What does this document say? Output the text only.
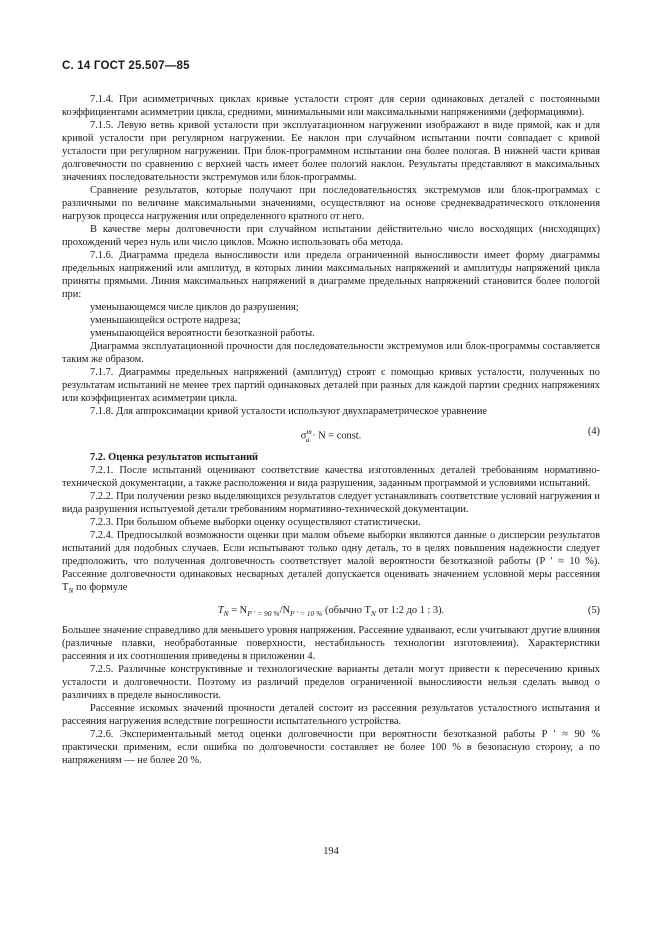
С. 14 ГОСТ 25.507—85

7.1.4. При асимметричных циклах кривые усталости строят для серии одинаковых деталей с постоянными коэффициентами асимметрии цикла, средними, минимальными или максимальными напряжениями (деформациями).

7.1.5. Левую ветвь кривой усталости при эксплуатационном нагружении изображают в виде прямой, как и для кривой усталости при регулярном нагружении. Ее наклон при случайном испытании почти совпадает с кривой усталости при регулярном нагружении. При блок-программном испытании она более пологая. В нижней части кривая долговечности по сравнению с верхней часть имеет более пологий наклон. Результаты представляют в максимальных значениях последовательности экстремумов или блок-программы.

Сравнение результатов, которые получают при последовательностях экстремумов или блок-программах с различными по величине максимальными значениями, осуществляют на основе среднеквадратического отклонения нагрузок процесса нагружения или определенного кратного от него.

В качестве меры долговечности при случайном испытании действительно число восходящих (нисходящих) прохождений через нуль или число циклов. Можно использовать оба метода.

7.1.6. Диаграмма предела выносливости или предела ограниченной выносливости имеет форму диаграммы предельных напряжений или амплитуд, в которых линии максимальных напряжений и амплитуды напряжений цикла приняты прямыми. Линия максимальных напряжений в диаграмме предельных напряжений становится более пологой при:

уменьшающемся числе циклов до разрушения;

уменьшающейся остроте надреза;

уменьшающейся вероятности безотказной работы.

Диаграмма эксплуатационной прочности для последовательности экстремумов или блок-программы составляется таким же образом.

7.1.7. Диаграммы предельных напряжений (амплитуд) строят с помощью кривых усталости, полученных по результатам испытаний не менее трех партий одинаковых деталей при разных для каждой партии средних напряжениях или коэффициентах асимметрии цикла.

7.1.8. Для аппроксимации кривой усталости используют двухпараметрическое уравнение

$\sigma^m_a \cdot N$ = const.	(4)

7.2. Оценка результатов испытаний

7.2.1. После испытаний оценивают соответствие качества изготовленных деталей требованиям нормативно-технической документации, а также расположения и вида разрушения, заданным программой и условиями испытаний.

7.2.2. При получении резко выделяющихся результатов следует устанавливать соответствие условий нагружения и вида разрушения испытуемой детали требованиям нормативно-технической документации.

7.2.3. При большом объеме выборки оценку осуществляют статистически.

7.2.4. Предпосылкой возможности оценки при малом объеме выборки являются данные о дисперсии результатов испытаний для подобных случаев. Если испытывают только одну деталь, то в целях повышения надежности следует предположить, что полученная долговечность соответствует малой вероятности безотказной работы (P ′ ≈ 10 %). Рассеяние долговечности одинаковых несварных деталей допускается оценивать значением условной меры рассеяния $T_N$ по формуле

$T_N = N_{P ' = 90 \%}/N_{P ' = 10 \%}$ (обычно $T_N$ от 1:2 до 1 : 3).	(5)

Большее значение справедливо для меньшего уровня напряжения. Рассеяние удваивают, если учитывают другие влияния (различные плавки, необработанные поверхности, нестабильность технологии изготовления). Характеристики рассеяния и их соотношения приведены в приложении 4.

7.2.5. Различные конструктивные и технологические варианты детали могут привести к пересечению кривых усталости и долговечности. Поэтому из различий пределов ограниченной выносливости нельзя сделать вывод о различиях в пределе выносливости.

Рассеяние искомых значений прочности деталей состоит из рассеяния результатов усталостного испытания и рассеяния нагружения вследствие погрешности испытательного устройства.

7.2.6. Экспериментальный метод оценки долговечности при вероятности безотказной работы P ′ ≈ 90 % практически применим, если ошибка по долговечности составляет не более 100 % в безопасную сторону, а по напряжениям — не более 20 %.

194
